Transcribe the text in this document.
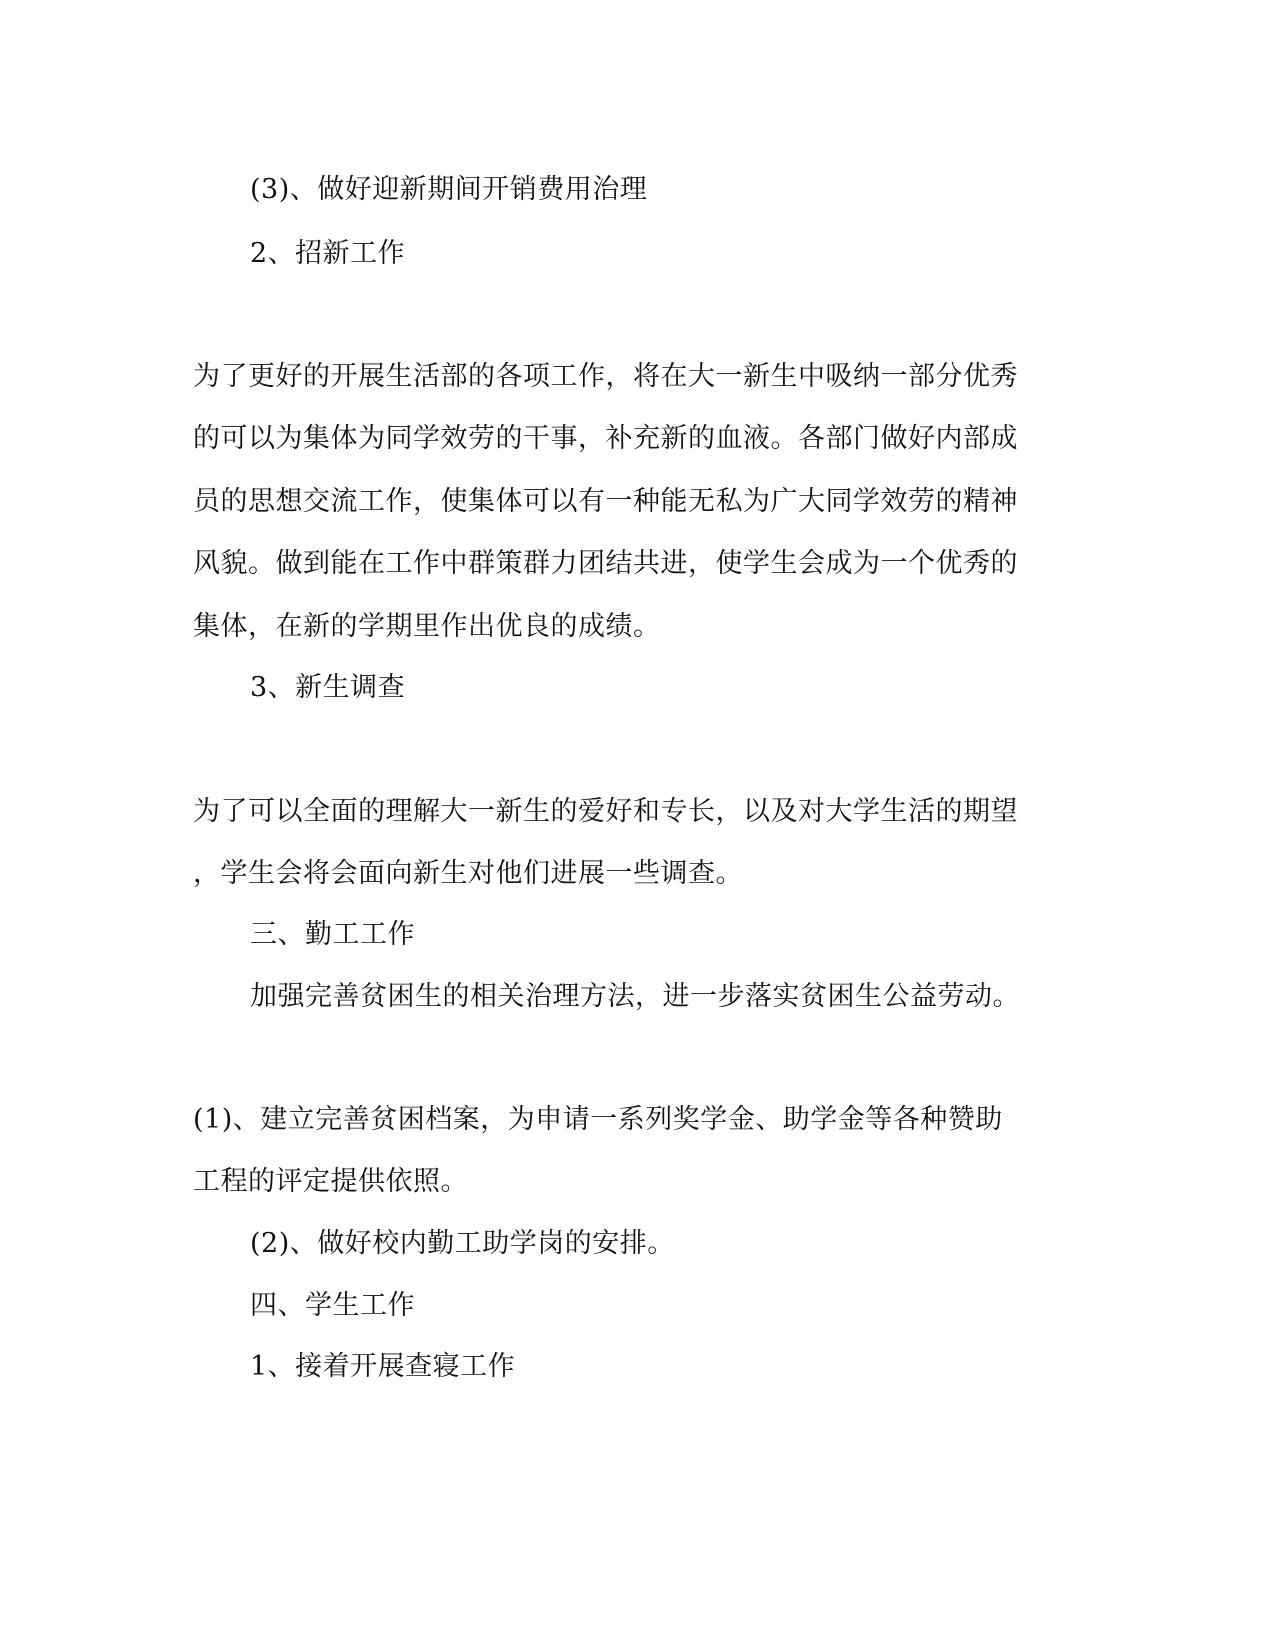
(3)、做好迎新期间开销费用治理
2、招新工作
为了更好的开展生活部的各项工作，将在大一新生中吸纳一部分优秀
的可以为集体为同学效劳的干事，补充新的血液。各部门做好内部成
员的思想交流工作，使集体可以有一种能无私为广大同学效劳的精神
风貌。做到能在工作中群策群力团结共进，使学生会成为一个优秀的
集体，在新的学期里作出优良的成绩。
3、新生调查
为了可以全面的理解大一新生的爱好和专长，以及对大学生活的期望
，学生会将会面向新生对他们进展一些调查。
三、勤工工作
加强完善贫困生的相关治理方法，进一步落实贫困生公益劳动。
(1)、建立完善贫困档案，为申请一系列奖学金、助学金等各种赞助
工程的评定提供依照。
(2)、做好校内勤工助学岗的安排。
四、学生工作
1、接着开展查寝工作
